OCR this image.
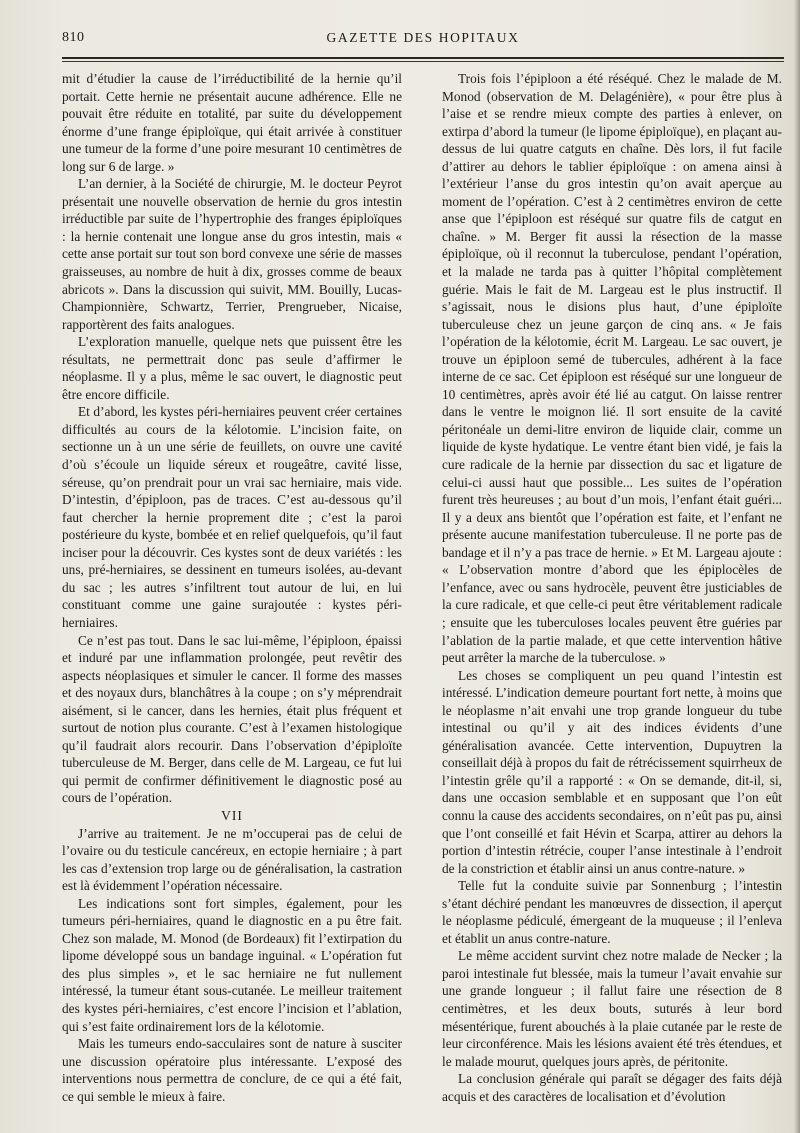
GAZETTE DES HOPITAUX
810

mit d’étudier la cause de l’irréductibilité de la hernie qu’il portait. Cette hernie ne présentait aucune adhérence. Elle ne pouvait être réduite en totalité, par suite du développement énorme d’une frange épiploïque, qui était arrivée à constituer une tumeur de la forme d’une poire mesurant 10 centimètres de long sur 6 de large. »

L’an dernier, à la Société de chirurgie, M. le docteur Peyrot présentait une nouvelle observation de hernie du gros intestin irréductible par suite de l’hypertrophie des franges épiploïques : la hernie contenait une longue anse du gros intestin, mais « cette anse portait sur tout son bord convexe une série de masses graisseuses, au nombre de huit à dix, grosses comme de beaux abricots ». Dans la discussion qui suivit, MM. Bouilly, Lucas-Championnière, Schwartz, Terrier, Prengrueber, Nicaise, rapportèrent des faits analogues.

L’exploration manuelle, quelque nets que puissent être les résultats, ne permettrait donc pas seule d’affirmer le néoplasme. Il y a plus, même le sac ouvert, le diagnostic peut être encore difficile.

Et d’abord, les kystes péri-herniaires peuvent créer certaines difficultés au cours de la kélotomie. L’incision faite, on sectionne un à un une série de feuillets, on ouvre une cavité d’où s’écoule un liquide séreux et rougeâtre, cavité lisse, séreuse, qu’on prendrait pour un vrai sac herniaire, mais vide. D’intestin, d’épiploon, pas de traces. C’est au-dessous qu’il faut chercher la hernie proprement dite ; c’est la paroi postérieure du kyste, bombée et en relief quelquefois, qu’il faut inciser pour la découvrir. Ces kystes sont de deux variétés : les uns, pré-herniaires, se dessinent en tumeurs isolées, au-devant du sac ; les autres s’infiltrent tout autour de lui, en lui constituant comme une gaine surajoutée : kystes péri-herniaires.

Ce n’est pas tout. Dans le sac lui-même, l’épiploon, épaissi et induré par une inflammation prolongée, peut revêtir des aspects néoplasiques et simuler le cancer. Il forme des masses et des noyaux durs, blanchâtres à la coupe ; on s’y méprendrait aisément, si le cancer, dans les hernies, était plus fréquent et surtout de notion plus courante. C’est à l’examen histologique qu’il faudrait alors recourir. Dans l’observation d’épiploïte tuberculeuse de M. Berger, dans celle de M. Largeau, ce fut lui qui permit de confirmer définitivement le diagnostic posé au cours de l’opération.

VII

J’arrive au traitement. Je ne m’occuperai pas de celui de l’ovaire ou du testicule cancéreux, en ectopie herniaire ; à part les cas d’extension trop large ou de généralisation, la castration est là évidemment l’opération nécessaire.

Les indications sont fort simples, également, pour les tumeurs péri-herniaires, quand le diagnostic en a pu être fait. Chez son malade, M. Monod (de Bordeaux) fit l’extirpation du lipome développé sous un bandage inguinal. « L’opération fut des plus simples », et le sac herniaire ne fut nullement intéressé, la tumeur étant sous-cutanée. Le meilleur traitement des kystes péri-herniaires, c’est encore l’incision et l’ablation, qui s’est faite ordinairement lors de la kélotomie.

Mais les tumeurs endo-sacculaires sont de nature à susciter une discussion opératoire plus intéressante. L’exposé des interventions nous permettra de conclure, de ce qui a été fait, ce qui semble le mieux à faire.

Trois fois l’épiploon a été réséqué. Chez le malade de M. Monod (observation de M. Delagénière), « pour être plus à l’aise et se rendre mieux compte des parties à enlever, on extirpa d’abord la tumeur (le lipome épiploïque), en plaçant au-dessus de lui quatre catguts en chaîne. Dès lors, il fut facile d’attirer au dehors le tablier épiploïque : on amena ainsi à l’extérieur l’anse du gros intestin qu’on avait aperçue au moment de l’opération. C’est à 2 centimètres environ de cette anse que l’épiploon est réséqué sur quatre fils de catgut en chaîne. » M. Berger fit aussi la résection de la masse épiploïque, où il reconnut la tuberculose, pendant l’opération, et la malade ne tarda pas à quitter l’hôpital complètement guérie. Mais le fait de M. Largeau est le plus instructif. Il s’agissait, nous le disions plus haut, d’une épiploïte tuberculeuse chez un jeune garçon de cinq ans. « Je fais l’opération de la kélotomie, écrit M. Largeau. Le sac ouvert, je trouve un épiploon semé de tubercules, adhérent à la face interne de ce sac. Cet épiploon est réséqué sur une longueur de 10 centimètres, après avoir été lié au catgut. On laisse rentrer dans le ventre le moignon lié. Il sort ensuite de la cavité péritonéale un demi-litre environ de liquide clair, comme un liquide de kyste hydatique. Le ventre étant bien vidé, je fais la cure radicale de la hernie par dissection du sac et ligature de celui-ci aussi haut que possible... Les suites de l’opération furent très heureuses ; au bout d’un mois, l’enfant était guéri... Il y a deux ans bientôt que l’opération est faite, et l’enfant ne présente aucune manifestation tuberculeuse. Il ne porte pas de bandage et il n’y a pas trace de hernie. » Et M. Largeau ajoute : « L’observation montre d’abord que les épiplocèles de l’enfance, avec ou sans hydrocèle, peuvent être justiciables de la cure radicale, et que celle-ci peut être véritablement radicale ; ensuite que les tuberculoses locales peuvent être guéries par l’ablation de la partie malade, et que cette intervention hâtive peut arrêter la marche de la tuberculose. »

Les choses se compliquent un peu quand l’intestin est intéressé. L’indication demeure pourtant fort nette, à moins que le néoplasme n’ait envahi une trop grande longueur du tube intestinal ou qu’il y ait des indices évidents d’une généralisation avancée. Cette intervention, Dupuytren la conseillait déjà à propos du fait de rétrécissement squirrheux de l’intestin grêle qu’il a rapporté : « On se demande, dit-il, si, dans une occasion semblable et en supposant que l’on eût connu la cause des accidents secondaires, on n’eût pas pu, ainsi que l’ont conseillé et fait Hévin et Scarpa, attirer au dehors la portion d’intestin rétrécie, couper l’anse intestinale à l’endroit de la constriction et établir ainsi un anus contre-nature. »

Telle fut la conduite suivie par Sonnenburg ; l’intestin s’étant déchiré pendant les manœuvres de dissection, il aperçut le néoplasme pédiculé, émergeant de la muqueuse ; il l’enleva et établit un anus contre-nature.

Le même accident survint chez notre malade de Necker ; la paroi intestinale fut blessée, mais la tumeur l’avait envahie sur une grande longueur ; il fallut faire une résection de 8 centimètres, et les deux bouts, suturés à leur bord mésentérique, furent abouchés à la plaie cutanée par le reste de leur circonférence. Mais les lésions avaient été très étendues, et le malade mourut, quelques jours après, de péritonite.

La conclusion générale qui paraît se dégager des faits déjà acquis et des caractères de localisation et d’évolution
